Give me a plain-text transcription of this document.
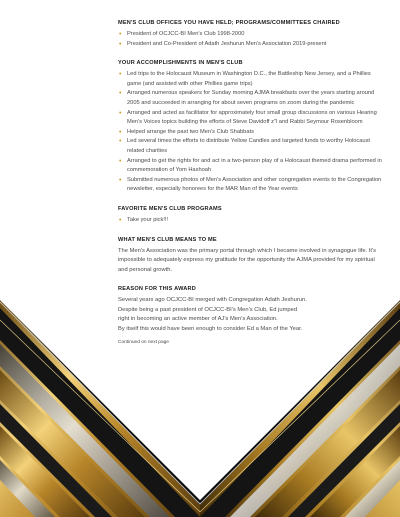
MEN'S CLUB OFFICES YOU HAVE HELD; PROGRAMS/COMMITTEES CHAIRED
• President of OCJCC-BI Men's Club 1998-2000
• President and Co-President of Adath Jeshurun Men's Association 2019-present
YOUR ACCOMPLISHMENTS IN MEN'S CLUB
• Led trips to the Holocaust Museum in Washington D.C., the Battleship New Jersey, and a Phillies game (and assisted with other Phillies game trips)
• Arranged numerous speakers for Sunday morning AJMA breakfasts over the years starting around 2005 and succeeded in arranging for about seven programs on zoom during the pandemic
• Arranged and acted as facilitator for approximately four small group discussions on various Hearing Men's Voices topics building the efforts of Steve Davidoff z"l and Rabbi Seymour Rosenbloom
• Helped arrange the past two Men's Club Shabbats
• Led several times the efforts to distribute Yellow Candles and targeted funds to worthy Holocaust related charities
• Arranged to get the rights for and act in a two-person play of a Holocaust themed drama performed in commemoration of Yom Hashoah
• Submitted numerous photos of Men's Association and other congregation events to the Congregation newsletter, especially honorees for the MAR Man of the Year events
FAVORITE MEN'S CLUB PROGRAMS
• Take your pick!!!
WHAT MEN'S CLUB MEANS TO ME

The Men's Association was the primary portal through which I became involved in synagogue life. It's impossible to adequately express my gratitude for the opportunity the AJMA provided for my spiritual and personal growth.

REASON FOR THIS AWARD

Several years ago OCJCC-BI merged with Congregation Adath Jeshurun.
Despite being a past president of OCJCC-BI's Men's Club, Ed jumped
right in becoming an active member of AJ's Men's Association.
By itself this would have been enough to consider Ed a Man of the Year.

Continued on next page
